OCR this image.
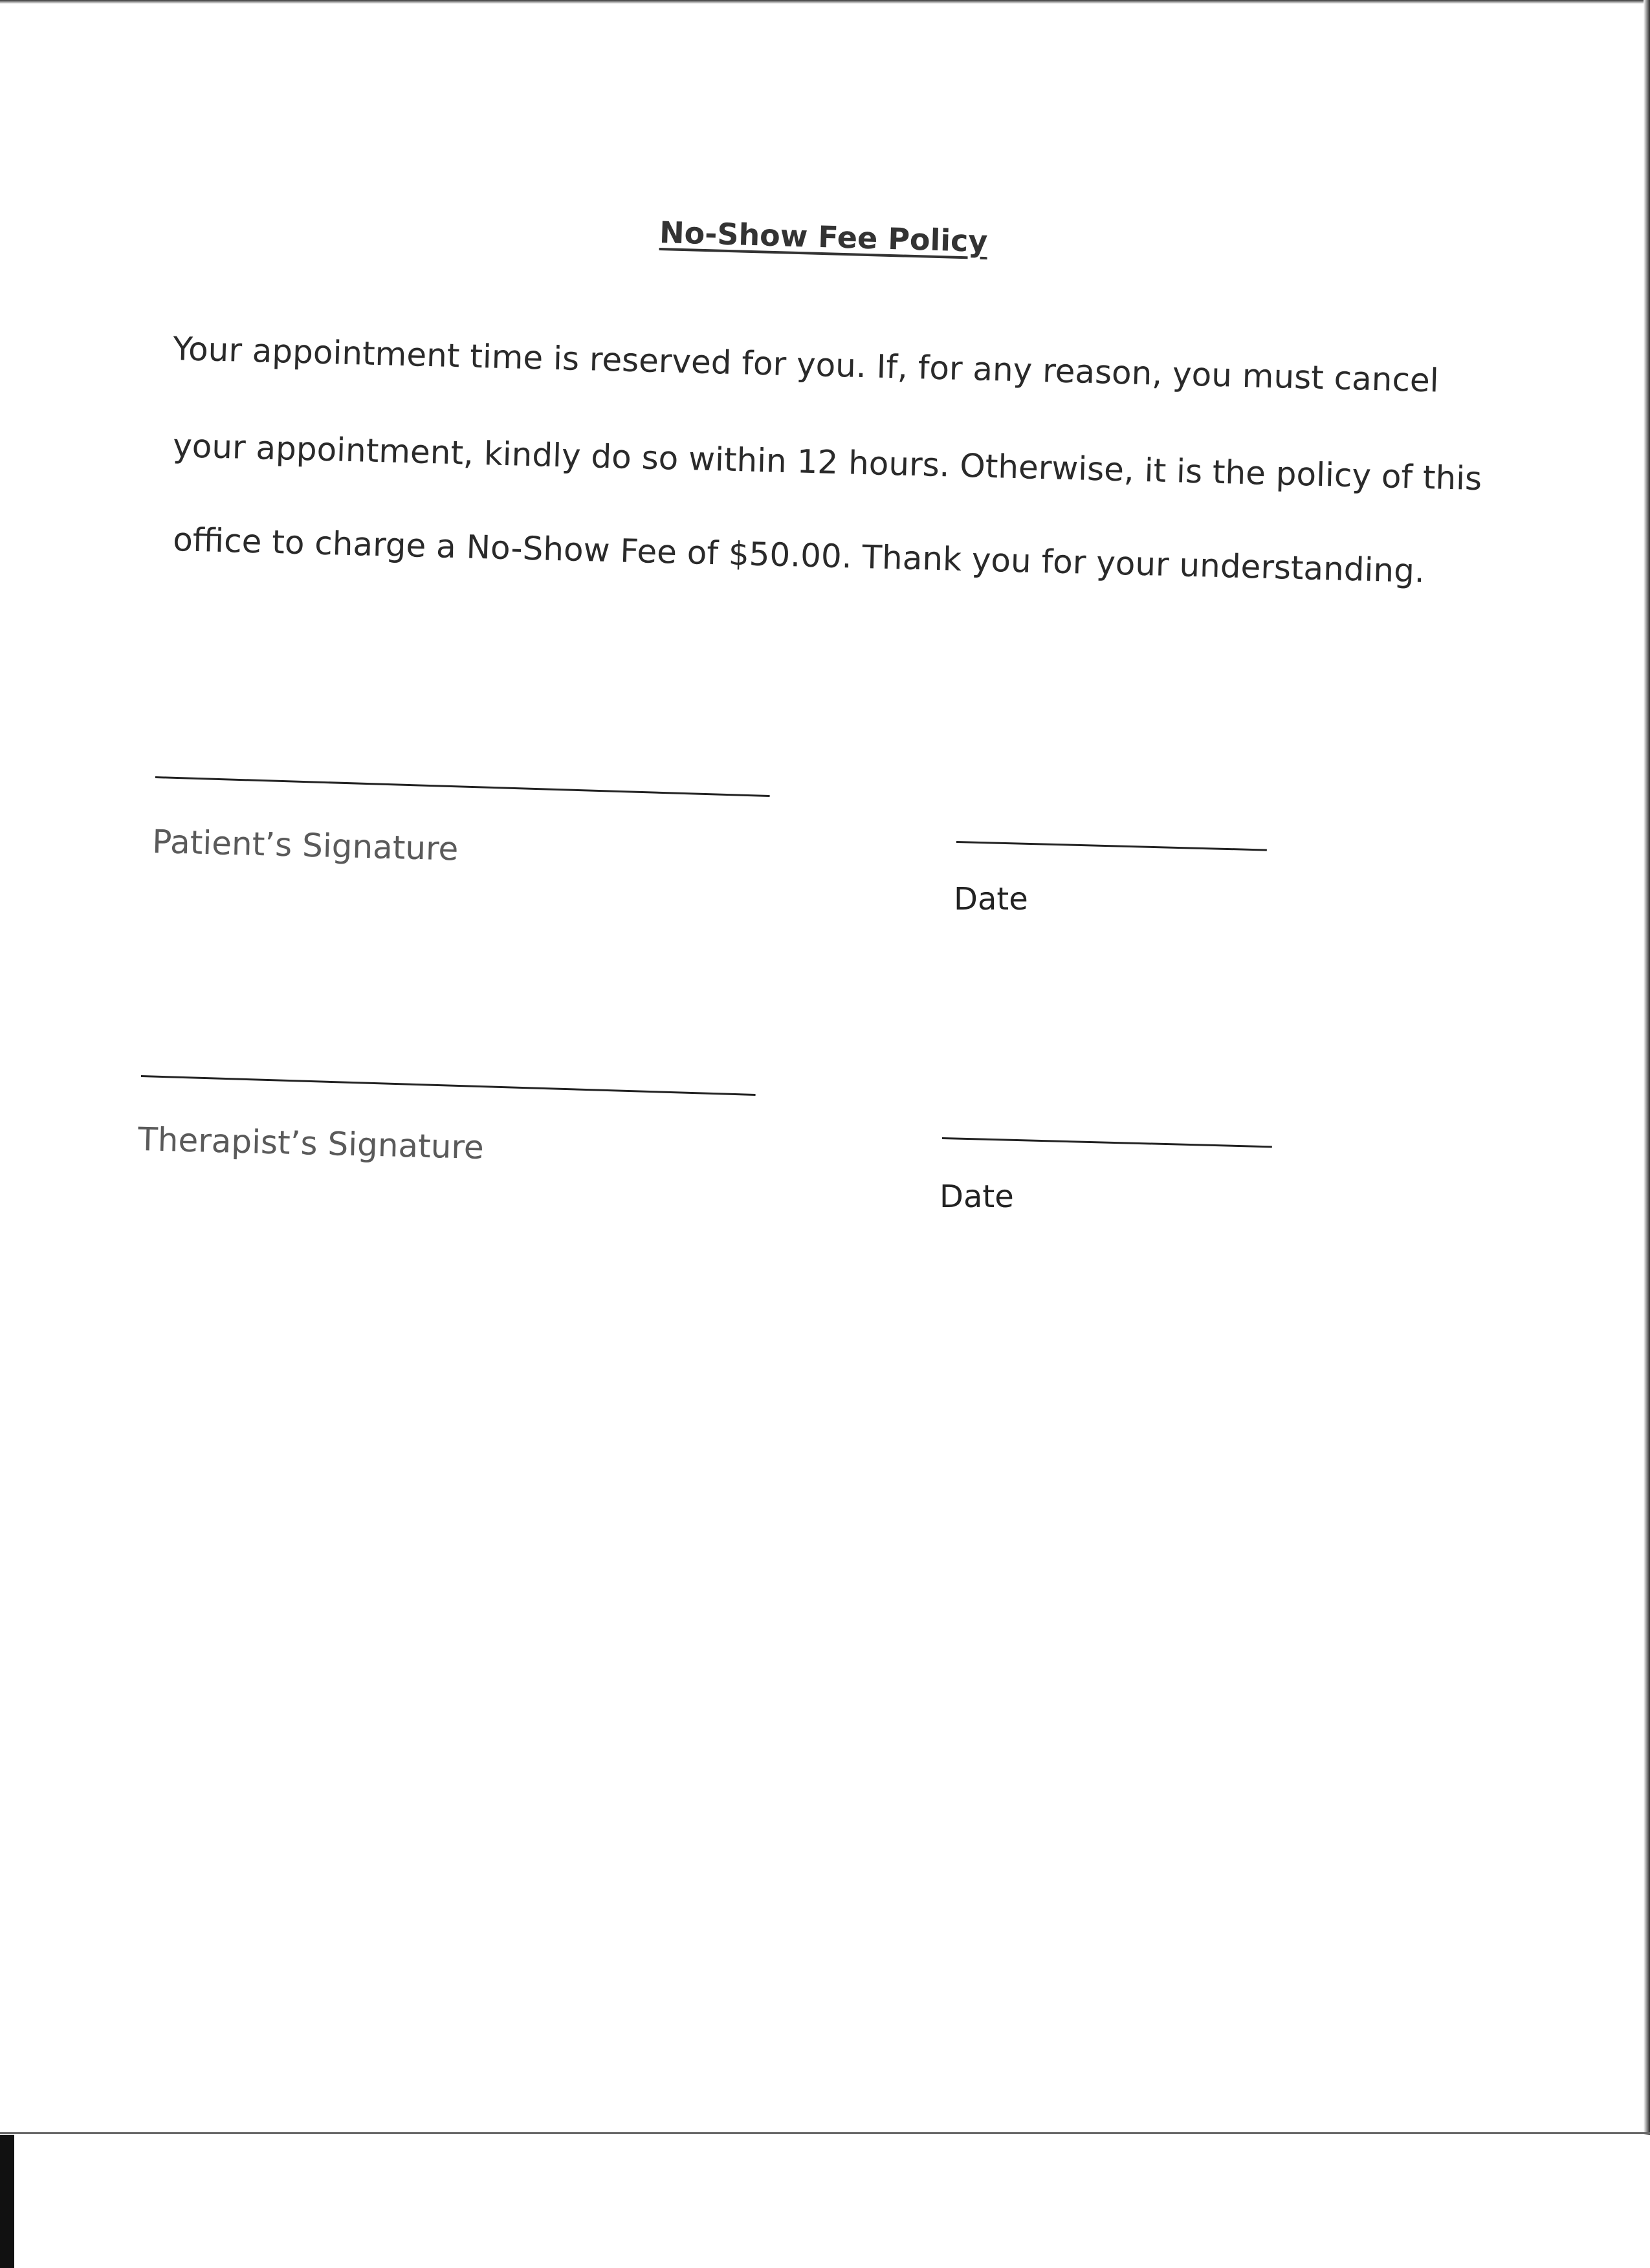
No-Show Fee Policy
Your appointment time is reserved for you. If, for any reason, you must cancel
your appointment, kindly do so within 12 hours. Otherwise, it is the policy of this
office to charge a No-Show Fee of $50.00. Thank you for your understanding.
Patient’s Signature
Date
Therapist’s Signature
Date
